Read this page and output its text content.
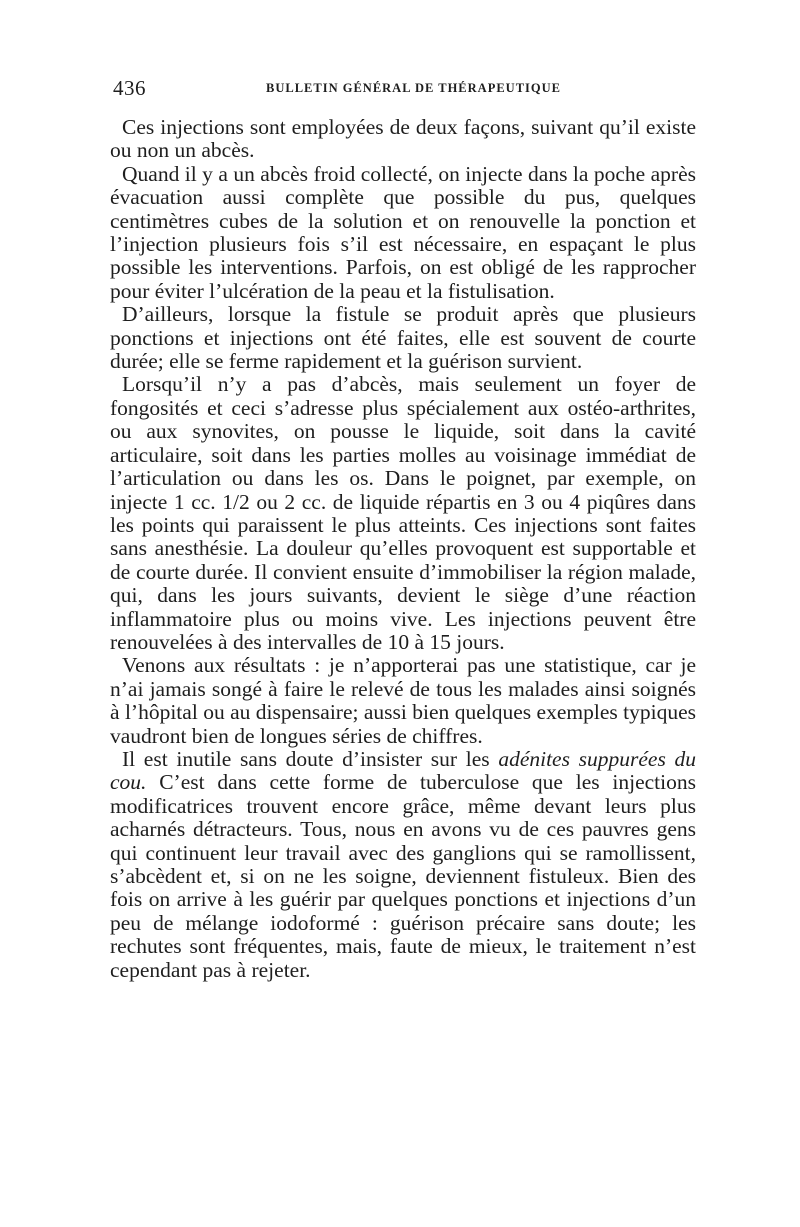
436	BULLETIN GÉNÉRAL DE THÉRAPEUTIQUE

Ces injections sont employées de deux façons, suivant qu’il existe ou non un abcès.

Quand il y a un abcès froid collecté, on injecte dans la poche après évacuation aussi complète que possible du pus, quelques centimètres cubes de la solution et on renouvelle la ponction et l’injection plusieurs fois s’il est nécessaire, en espaçant le plus possible les interventions. Parfois, on est obligé de les rapprocher pour éviter l’ulcération de la peau et la fistulisation.

D’ailleurs, lorsque la fistule se produit après que plusieurs ponctions et injections ont été faites, elle est souvent de courte durée; elle se ferme rapidement et la guérison survient.

Lorsqu’il n’y a pas d’abcès, mais seulement un foyer de fongosités et ceci s’adresse plus spécialement aux ostéo-arthrites, ou aux synovites, on pousse le liquide, soit dans la cavité articulaire, soit dans les parties molles au voisinage immédiat de l’articulation ou dans les os. Dans le poignet, par exemple, on injecte 1 cc. 1/2 ou 2 cc. de liquide répartis en 3 ou 4 piqûres dans les points qui paraissent le plus atteints. Ces injections sont faites sans anesthésie. La douleur qu’elles provoquent est supportable et de courte durée. Il convient ensuite d’immobiliser la région malade, qui, dans les jours suivants, devient le siège d’une réaction inflammatoire plus ou moins vive. Les injections peuvent être renouvelées à des intervalles de 10 à 15 jours.

Venons aux résultats : je n’apporterai pas une statistique, car je n’ai jamais songé à faire le relevé de tous les malades ainsi soignés à l’hôpital ou au dispensaire; aussi bien quelques exemples typiques vaudront bien de longues séries de chiffres.

Il est inutile sans doute d’insister sur les adénites suppurées du cou. C’est dans cette forme de tuberculose que les injections modificatrices trouvent encore grâce, même devant leurs plus acharnés détracteurs. Tous, nous en avons vu de ces pauvres gens qui continuent leur travail avec des ganglions qui se ramollissent, s’abcèdent et, si on ne les soigne, deviennent fistuleux. Bien des fois on arrive à les guérir par quelques ponctions et injections d’un peu de mélange iodoformé : guérison précaire sans doute; les rechutes sont fréquentes, mais, faute de mieux, le traitement n’est cependant pas à rejeter.
